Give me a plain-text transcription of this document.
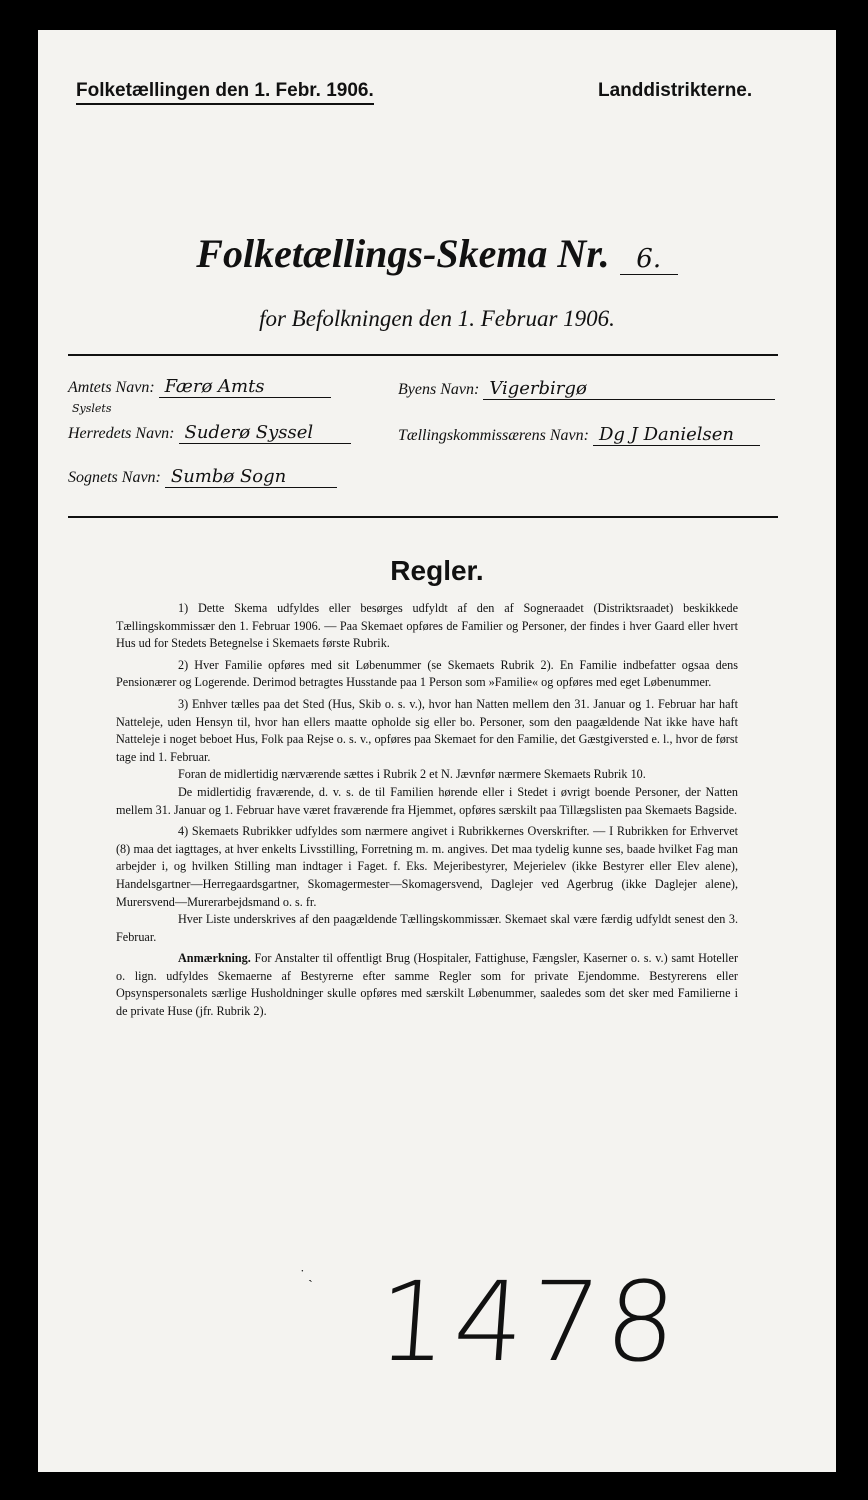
Folketællingen den 1. Febr. 1906.	Landdistrikterne.
Folketællings-Skema Nr. 6.
for Befolkningen den 1. Februar 1906.
Amtets Navn: Færø Amts
Syslets
Herredets Navn: Suderø Syssel
Sognets Navn: Sumbø Sogn
Byens Navn: Vigerbirgø
Tællingskommissærens Navn: Dg J Danielsen
Regler.

1) Dette Skema udfyldes eller besørges udfyldt af den af Sogneraadet (Distriktsraadet) beskikkede Tællingskommissær den 1. Februar 1906. — Paa Skemaet opføres de Familier og Personer, der findes i hver Gaard eller hvert Hus ud for Stedets Betegnelse i Skemaets første Rubrik.

2) Hver Familie opføres med sit Løbenummer (se Skemaets Rubrik 2). En Familie indbefatter ogsaa dens Pensionærer og Logerende. Derimod betragtes Husstande paa 1 Person som »Familie« og opføres med eget Løbenummer.

3) Enhver tælles paa det Sted (Hus, Skib o. s. v.), hvor han Natten mellem den 31. Januar og 1. Februar har haft Natteleje, uden Hensyn til, hvor han ellers maatte opholde sig eller bo. Personer, som den paagældende Nat ikke have haft Natteleje i noget beboet Hus, Folk paa Rejse o. s. v., opføres paa Skemaet for den Familie, det Gæstgiversted e. l., hvor de først tage ind 1. Februar.

Foran de midlertidig nærværende sættes i Rubrik 2 et N. Jævnfør nærmere Skemaets Rubrik 10.

De midlertidig fraværende, d. v. s. de til Familien hørende eller i Stedet i øvrigt boende Personer, der Natten mellem 31. Januar og 1. Februar have været fraværende fra Hjemmet, opføres særskilt paa Tillægslisten paa Skemaets Bagside.

4) Skemaets Rubrikker udfyldes som nærmere angivet i Rubrikkernes Overskrifter. — I Rubrikken for Erhvervet (8) maa det iagttages, at hver enkelts Livsstilling, Forretning m. m. angives. Det maa tydelig kunne ses, baade hvilket Fag man arbejder i, og hvilken Stilling man indtager i Faget. f. Eks. Mejeribestyrer, Mejerielev (ikke Bestyrer eller Elev alene), Handelsgartner—Herregaardsgartner, Skomagermester—Skomagersvend, Daglejer ved Agerbrug (ikke Daglejer alene), Murersvend—Murerarbejdsmand o. s. fr.

Hver Liste underskrives af den paagældende Tællingskommissær. Skemaet skal være færdig udfyldt senest den 3. Februar.

Anmærkning. For Anstalter til offentligt Brug (Hospitaler, Fattighuse, Fængsler, Kaserner o. s. v.) samt Hoteller o. lign. udfyldes Skemaerne af Bestyrerne efter samme Regler som for private Ejendomme. Bestyrerens eller Opsynspersonalets særlige Husholdninger skulle opføres med særskilt Løbenummer, saaledes som det sker med Familierne i de private Huse (jfr. Rubrik 2).

˙ ˏ 1478
